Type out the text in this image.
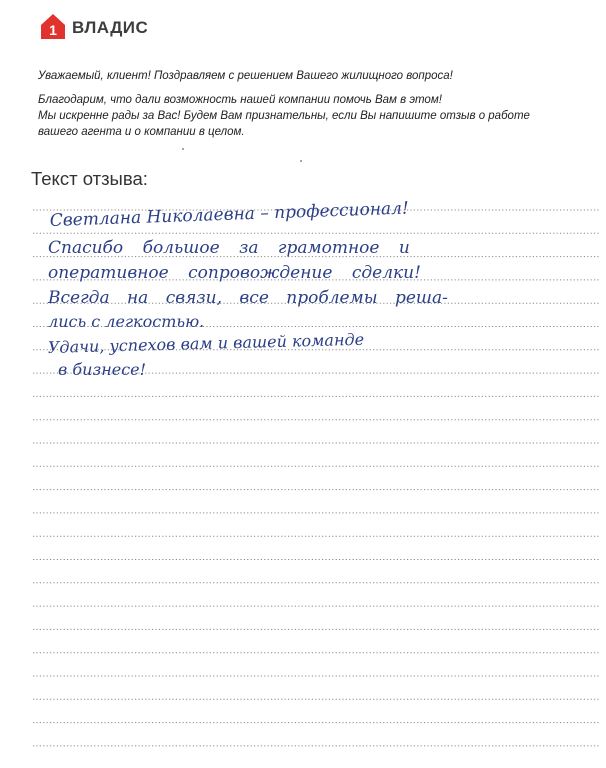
1 ВЛАДИС
Уважаемый, клиент! Поздравляем с решением Вашего жилищного вопроса!
Благодарим, что дали возможность нашей компании помочь Вам в этом!
Мы искренне рады за Вас! Будем Вам признательны, если Вы напишите отзыв о работе
вашего агента и о компании в целом.
Текст отзыва:
Светлана Николаевна – профессионал!
Спасибо большое за грамотное и
оперативное сопровождение сделки!
Всегда на связи, все проблемы реша-
лись с легкостью.
Удачи, успехов вам и вашей команде
в бизнесе!
